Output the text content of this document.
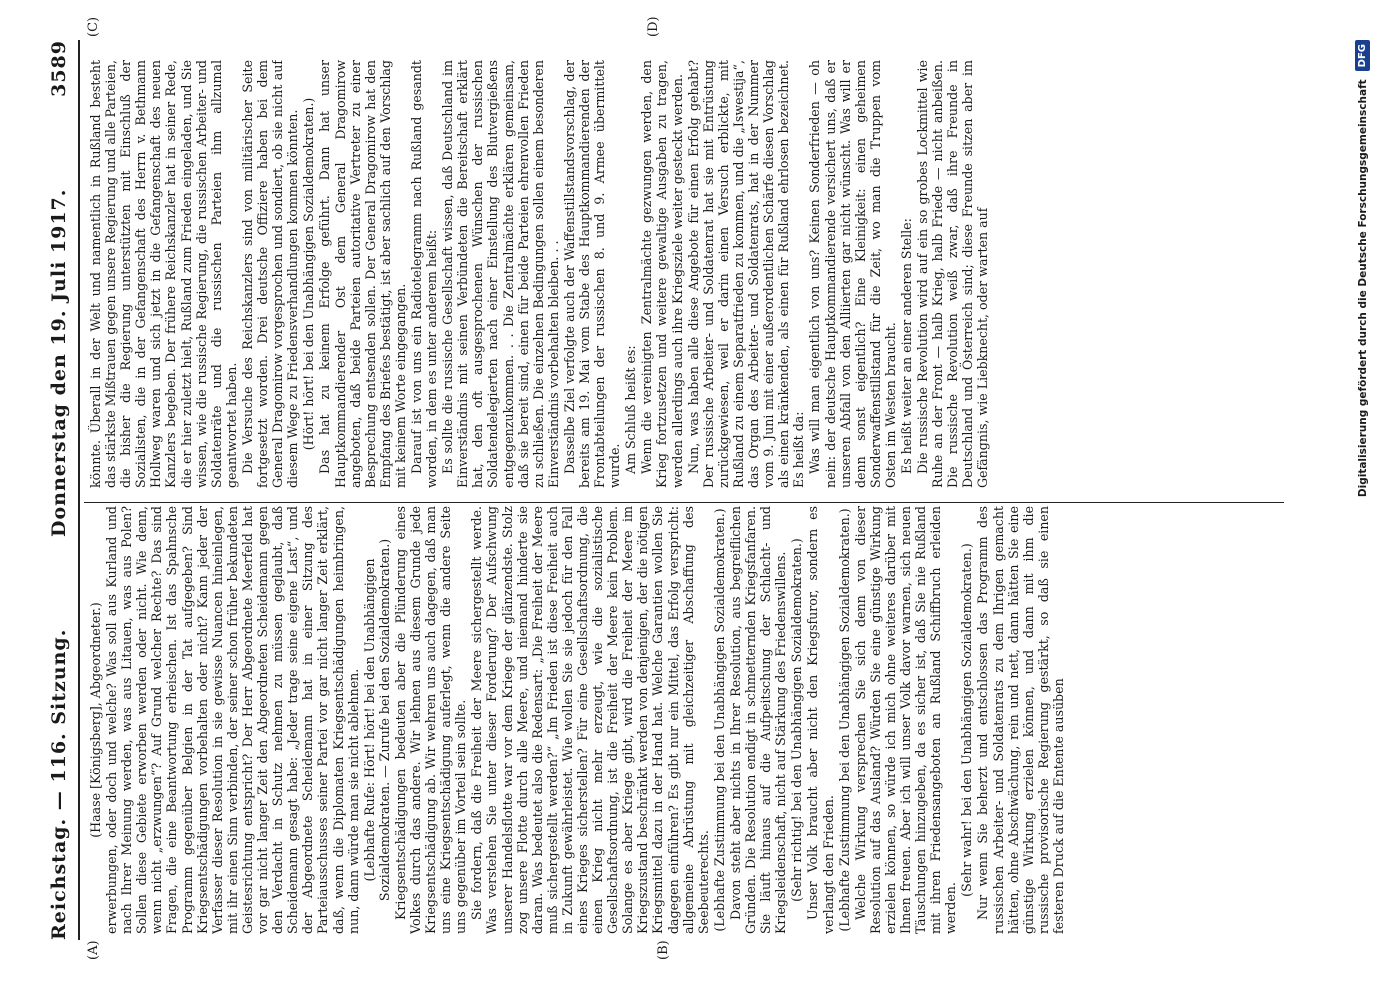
Reichstag. — 116. Sitzung.
Donnerstag den 19. Juli 1917.
3589
(A)	(B)
(C)	(D)

(Haase [Königsberg], Abgeordneter.) erwerbungen, oder doch und welche? Was soll aus Kurland und nach Ihrer Meinung werden, was aus Litauen, was aus Polen? Sollen diese Gebiete erworben werden oder nicht. Wie denn, wenn nicht „erzwungen“? Auf Grund welcher Rechte? Das sind Fragen, die eine Beantwortung erheischen. Ist das Spahnsche Programm gegenüber Belgien in der Tat aufgegeben? Sind Kriegsentschädigungen vorbehalten oder nicht? Kann jeder der Verfasser dieser Resolution in sie gewisse Nuancen hineinlegen, mit ihr einen Sinn verbinden, der seiner schon früher bekundeten Geistesrichtung entspricht? Der Herr Abgeordnete Meerfeld hat vor gar nicht langer Zeit den Abgeordneten Scheidemann gegen den Verdacht in Schutz nehmen zu müssen geglaubt, daß Scheidemann gesagt habe: „Jeder trage seine eigene Last“, und der Abgeordnete Scheidemann hat in einer Sitzung des Parteiausschusses seiner Partei vor gar nicht langer Zeit erklärt, daß, wenn die Diplomaten Kriegsentschädigungen heimbringen, nun, dann würde man sie nicht ablehnen. (Lebhafte Rufe: Hört! hört! bei den Unabhängigen Sozialdemokraten. — Zurufe bei den Sozialdemokraten.) Kriegsentschädigungen bedeuten aber die Plünderung eines Volkes durch das andere. Wir lehnen aus diesem Grunde jede Kriegsentschädigung ab. Wir wehren uns auch dagegen, daß man uns eine Kriegsentschädigung auferlegt, wenn die andere Seite uns gegenüber im Vorteil sein sollte. Sie fordern, daß die Freiheit der Meere sichergestellt werde. Was verstehen Sie unter dieser Forderung? Der Aufschwung unserer Handelsflotte war vor dem Kriege der glänzendste. Stolz zog unsere Flotte durch alle Meere, und niemand hinderte sie daran. Was bedeutet also die Redensart: „Die Freiheit der Meere muß sichergestellt werden?“ „Im Frieden ist diese Freiheit auch in Zukunft gewährleistet. Wie wollen Sie sie jedoch für den Fall eines Krieges sicherstellen? Für eine Gesellschaftsordnung, die einen Krieg nicht mehr erzeugt, wie die sozialistische Gesellschaftsordnung, ist die Freiheit der Meere kein Problem. Solange es aber Kriege gibt, wird die Freiheit der Meere im Kriegszustand beschränkt werden von denjenigen, der die nötigen Kriegsmittel dazu in der Hand hat. Welche Garantien wollen Sie dagegen einführen? Es gibt nur ein Mittel, das Erfolg verspricht: allgemeine Abrüstung mit gleichzeitiger Abschaffung des Seebeuterechts. (Lebhafte Zustimmung bei den Unabhängigen Sozialdemokraten.) Davon steht aber nichts in Ihrer Resolution, aus begreiflichen Gründen. Die Resolution endigt in schmetternden Kriegsfanfaren. Sie läuft hinaus auf die Aufpeitschung der Schlacht- und Kriegsleidenschaft, nicht auf Stärkung des Friedenswillens. (Sehr richtig! bei den Unabhängigen Sozialdemokraten.) Unser Volk braucht aber nicht den Kriegsfuror, sondern es verlangt den Frieden. (Lebhafte Zustimmung bei den Unabhängigen Sozialdemokraten.) Welche Wirkung versprechen Sie sich denn von dieser Resolution auf das Ausland? Würden Sie eine günstige Wirkung erzielen können, so würde ich mich ohne weiteres darüber mit Ihnen freuen. Aber ich will unser Volk davor warnen, sich neuen Täuschungen hinzugeben, da es sicher ist, daß Sie nie Rußland mit ihren Friedensangeboten an Rußland Schiffbruch erleiden werden.

(Sehr wahr! bei den Unabhängigen Sozialdemokraten.) Nur wenn Sie beherzt und entschlossen das Programm des russischen Arbeiter- und Soldatenrats zu dem Ihrigen gemacht hätten, ohne Abschwächung, rein und nett, dann hätten Sie eine günstige Wirkung erzielen können, und dann mit ihm die russische provisorische Regierung gestärkt, so daß sie einen festeren Druck auf die Entente ausüben

könnte. Überall in der Welt und namentlich in Rußland besteht das stärkste Mißtrauen gegen unsere Regierung und alle Parteien, die bisher die Regierung unterstützten mit Einschluß der Sozialisten, die in der Gefangenschaft des Herrn v. Bethmann Hollweg waren und sich jetzt in die Gefangenschaft des neuen Kanzlers begeben. Der frühere Reichskanzler hat in seiner Rede, die er hier zuletzt hielt, Rußland zum Frieden eingeladen, und Sie wissen, wie die russische Regierung, die russischen Arbeiter- und Soldatenräte und die russischen Parteien ihm allzumal geantwortet haben. Die Versuche des Reichskanzlers sind von militärischer Seite fortgesetzt worden. Drei deutsche Offiziere haben bei dem General Dragomirow vorgesprochen und sondiert, ob sie nicht auf diesem Wege zu Friedensverhandlungen kommen könnten. (Hört! hört! bei den Unabhängigen Sozialdemokraten.) Das hat zu keinem Erfolge geführt. Dann hat unser Hauptkommandierender Ost dem General Dragomirow angeboten, daß beide Parteien autoritative Vertreter zu einer Besprechung entsenden sollen. Der General Dragomirow hat den Empfang des Briefes bestätigt, ist aber sachlich auf den Vorschlag mit keinem Worte eingegangen. Darauf ist von uns ein Radiotelegramm nach Rußland gesandt worden, in dem es unter anderem heißt: Es sollte die russische Gesellschaft wissen, daß Deutschland im Einverständnis mit seinen Verbündeten die Bereitschaft erklärt hat, den oft ausgesprochenen Wünschen der russischen Soldatendelegierten nach einer Einstellung des Blutvergießens entgegenzukommen. . . Die Zentralmächte erklären gemeinsam, daß sie bereit sind, einen für beide Parteien ehrenvollen Frieden zu schließen. Die einzelnen Bedingungen sollen einem besonderen Einverständnis vorbehalten bleiben. . . Dasselbe Ziel verfolgte auch der Waffenstillstandsvorschlag, der bereits am 19. Mai vom Stabe des Hauptkommandierenden der Frontabteilungen der russischen 8. und 9. Armee übermittelt wurde. Am Schluß heißt es: Wenn die vereinigten Zentralmächte gezwungen werden, den Krieg fortzusetzen und weitere gewaltige Ausgaben zu tragen, werden allerdings auch ihre Kriegsziele weiter gesteckt werden. Nun, was haben alle diese Angebote für einen Erfolg gehabt? Der russische Arbeiter- und Soldatenrat hat sie mit Entrüstung zurückgewiesen, weil er darin einen Versuch erblickte, mit Rußland zu einem Separatfrieden zu kommen, und die „Iswestija“, das Organ des Arbeiter- und Soldatenrats, hat in der Nummer vom 9. Juni mit einer außerordentlichen Schärfe diesen Vorschlag als einen kränkenden, als einen für Rußland ehrlosen bezeichnet. Es heißt da: Was will man eigentlich von uns? Keinen Sonderfrieden — oh nein: der deutsche Hauptkommandierende versichert uns, daß er unseren Abfall von den Alliierten gar nicht wünscht. Was will er denn sonst eigentlich? Eine Kleinigkeit: einen geheimen Sonderwaffenstillstand für die Zeit, wo man die Truppen vom Osten im Westen braucht. Es heißt weiter an einer anderen Stelle: Die russische Revolution wird auf ein so grobes Lockmittel wie Ruhe an der Front — halb Krieg, halb Friede — nicht anbeißen. Die russische Revolution weiß zwar, daß ihre Freunde in Deutschland und Österreich sind; diese Freunde sitzen aber im Gefängnis, wie Liebknecht, oder warten auf	Digitalisierung gefördert durch die Deutsche Forschungsgemeinschaft
DFG
